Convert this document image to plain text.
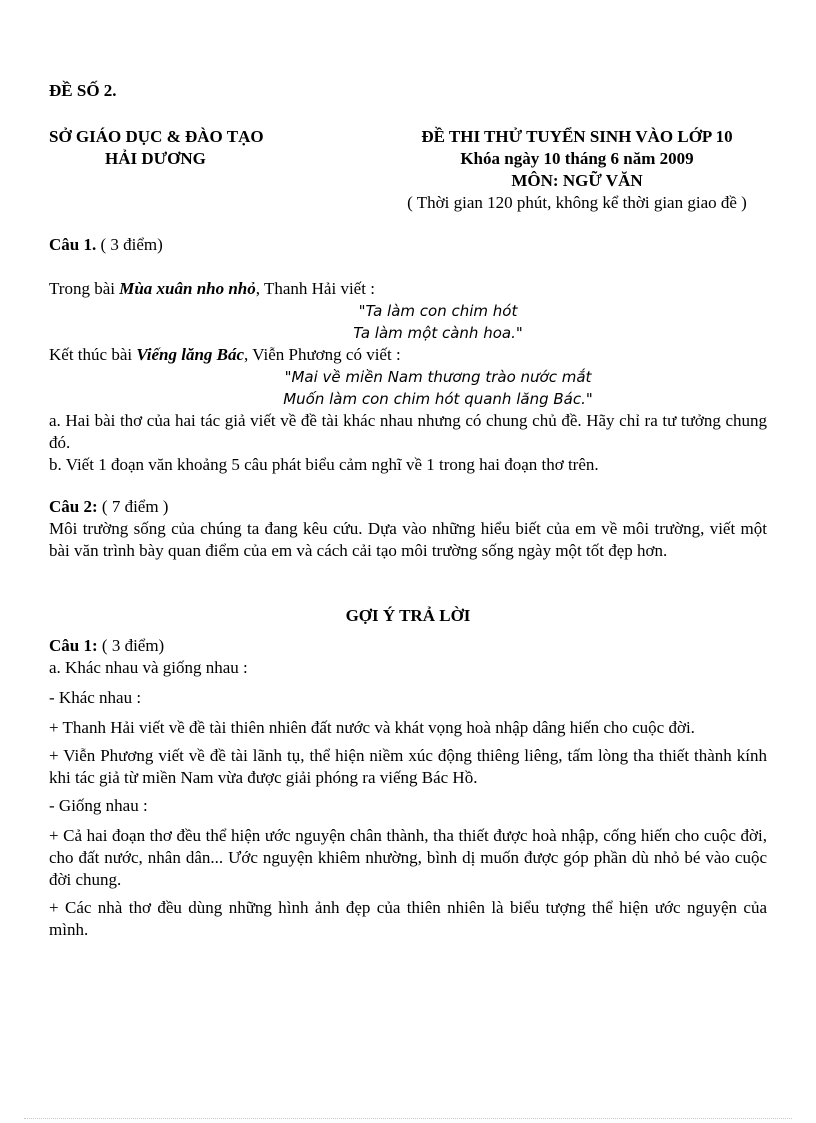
ĐỀ SỐ 2.

SỞ GIÁO DỤC & ĐÀO TẠO
HẢI DƯƠNG
ĐỀ THI THỬ TUYỂN SINH VÀO LỚP 10
Khóa ngày 10 tháng 6 năm 2009
MÔN: NGỮ VĂN
( Thời gian 120 phút, không kể thời gian giao đề )

Câu 1. ( 3 điểm)

Trong bài Mùa xuân nho nhỏ, Thanh Hải viết :

"Ta làm con chim hót
Ta làm một cành hoa."

Kết thúc bài Viếng lăng Bác, Viễn Phương có viết :

"Mai về miền Nam thương trào nước mắt
Muốn làm con chim hót quanh lăng Bác."

a. Hai bài thơ của hai tác giả viết về đề tài khác nhau nhưng có chung chủ đề. Hãy chỉ ra tư tưởng chung đó.

b. Viết 1 đoạn văn khoảng 5 câu phát biểu cảm nghĩ về 1 trong hai đoạn thơ trên.

Câu 2: ( 7 điểm )

Môi trường sống của chúng ta đang kêu cứu. Dựa vào những hiểu biết của em về môi trường, viết một bài văn trình bày quan điểm của em và cách cải tạo môi trường sống ngày một tốt đẹp hơn.

GỢI Ý TRẢ LỜI

Câu 1: ( 3 điểm)

a. Khác nhau và giống nhau :

- Khác nhau :

+ Thanh Hải viết về đề tài thiên nhiên đất nước và khát vọng hoà nhập dâng hiến cho cuộc đời.

+ Viễn Phương viết về đề tài lãnh tụ, thể hiện niềm xúc động thiêng liêng, tấm lòng tha thiết thành kính khi tác giả từ miền Nam vừa được giải phóng ra viếng Bác Hồ.

- Giống nhau :

+ Cả hai đoạn thơ đều thể hiện ước nguyện chân thành, tha thiết được hoà nhập, cống hiến cho cuộc đời, cho đất nước, nhân dân... Ước nguyện khiêm nhường, bình dị muốn được góp phần dù nhỏ bé vào cuộc đời chung.

+ Các nhà thơ đều dùng những hình ảnh đẹp của thiên nhiên là biểu tượng thể hiện ước nguyện của mình.
